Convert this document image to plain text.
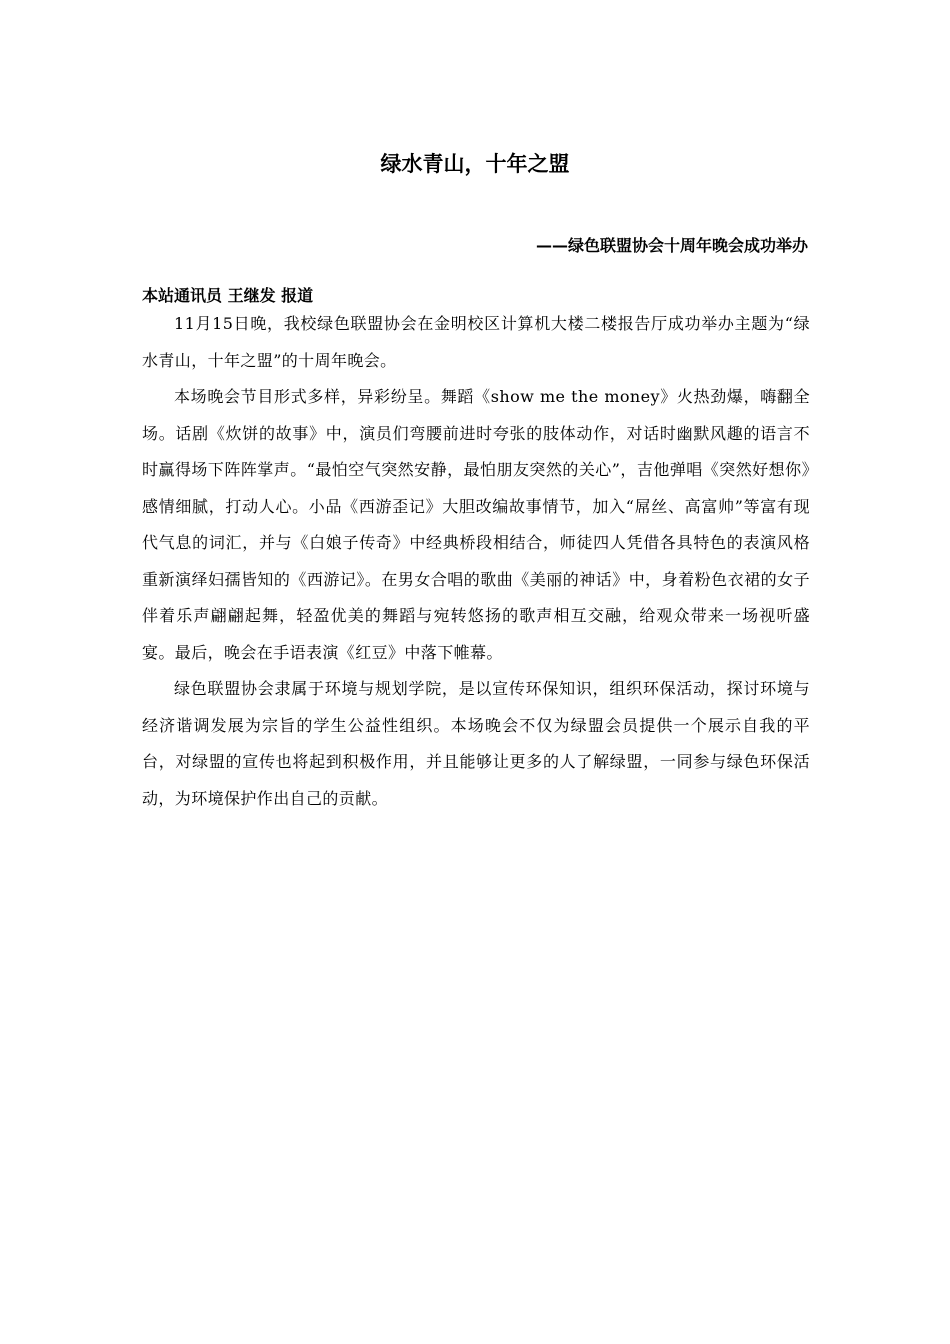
绿水青山，十年之盟
——绿色联盟协会十周年晚会成功举办
本站通讯员 王继发 报道

11月15日晚，我校绿色联盟协会在金明校区计算机大楼二楼报告厅成功举办主题为“绿水青山，十年之盟”的十周年晚会。

本场晚会节目形式多样，异彩纷呈。舞蹈《show me the money》火热劲爆，嗨翻全场。话剧《炊饼的故事》中，演员们弯腰前进时夸张的肢体动作，对话时幽默风趣的语言不时赢得场下阵阵掌声。“最怕空气突然安静，最怕朋友突然的关心”，吉他弹唱《突然好想你》感情细腻，打动人心。小品《西游歪记》大胆改编故事情节，加入“屌丝、高富帅”等富有现代气息的词汇，并与《白娘子传奇》中经典桥段相结合，师徒四人凭借各具特色的表演风格重新演绎妇孺皆知的《西游记》。在男女合唱的歌曲《美丽的神话》中，身着粉色衣裙的女子伴着乐声翩翩起舞，轻盈优美的舞蹈与宛转悠扬的歌声相互交融，给观众带来一场视听盛宴。最后，晚会在手语表演《红豆》中落下帷幕。

绿色联盟协会隶属于环境与规划学院，是以宣传环保知识，组织环保活动，探讨环境与经济谐调发展为宗旨的学生公益性组织。本场晚会不仅为绿盟会员提供一个展示自我的平台，对绿盟的宣传也将起到积极作用，并且能够让更多的人了解绿盟，一同参与绿色环保活动，为环境保护作出自己的贡献。
